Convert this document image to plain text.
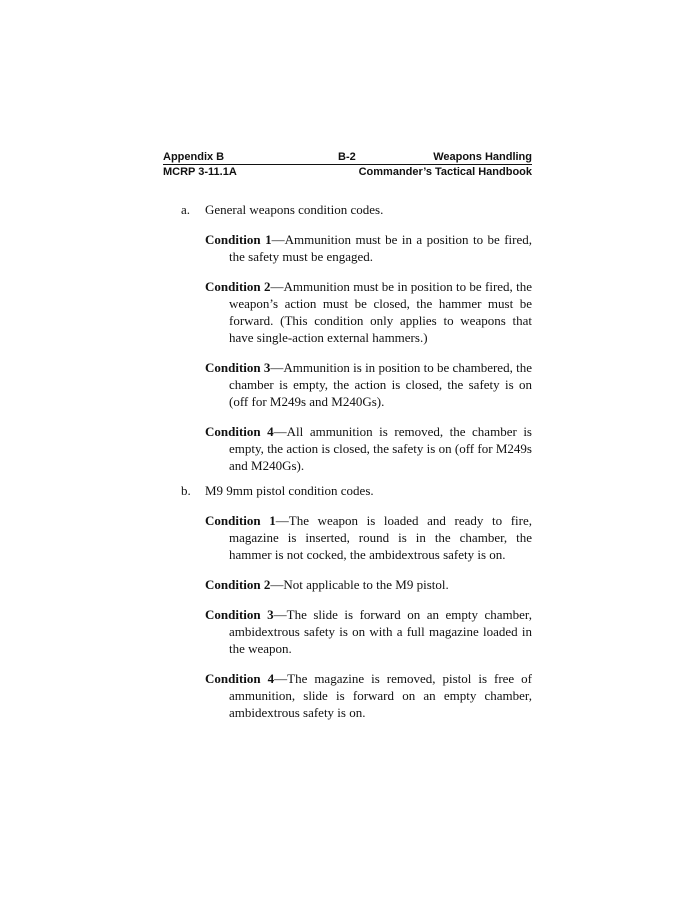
Appendix B	B-2	Weapons Handling
MCRP 3-11.1A	Commander’s Tactical Handbook
a. General weapons condition codes.

Condition 1—Ammunition must be in a position to be fired, the safety must be engaged.

Condition 2—Ammunition must be in position to be fired, the weapon’s action must be closed, the hammer must be forward. (This condition only applies to weapons that have single-action external hammers.)

Condition 3—Ammunition is in position to be chambered, the chamber is empty, the action is closed, the safety is on (off for M249s and M240Gs).

Condition 4—All ammunition is removed, the chamber is empty, the action is closed, the safety is on (off for M249s and M240Gs).

b. M9 9mm pistol condition codes.

Condition 1—The weapon is loaded and ready to fire, magazine is inserted, round is in the chamber, the hammer is not cocked, the ambidextrous safety is on.

Condition 2—Not applicable to the M9 pistol.

Condition 3—The slide is forward on an empty chamber, ambidextrous safety is on with a full magazine loaded in the weapon.

Condition 4—The magazine is removed, pistol is free of ammunition, slide is forward on an empty chamber, ambidextrous safety is on.
